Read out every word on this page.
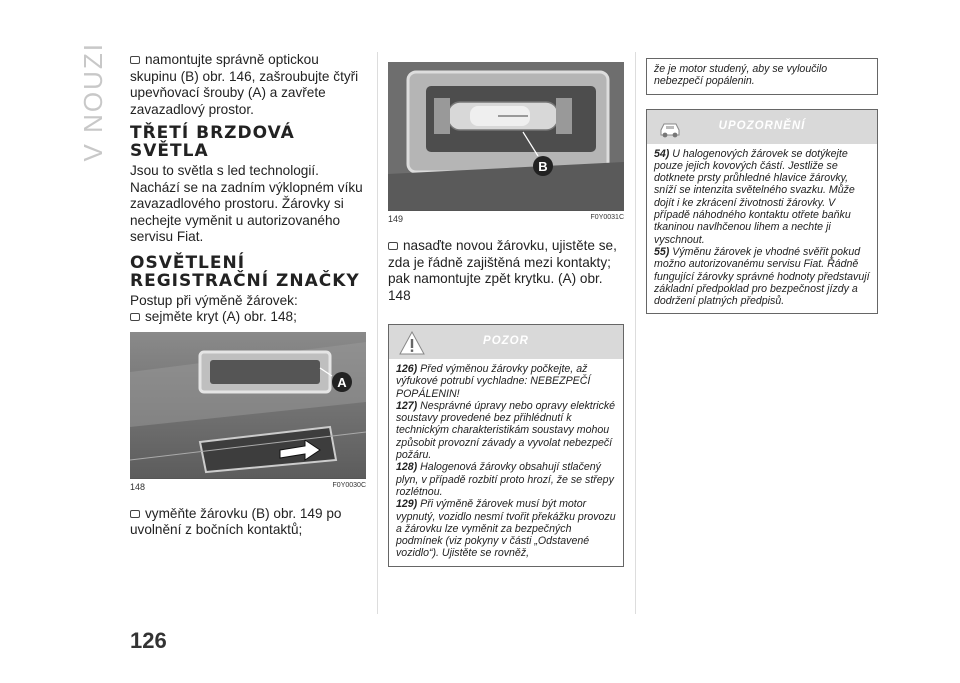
V NOUZI	namontujte správně optickou skupinu (B) obr. 146, zašroubujte čtyři upevňovací šrouby (A) a zavřete zavazadlový prostor.

TŘETÍ BRZDOVÁ SVĚTLA

Jsou to světla s led technologií. Nachází se na zadním výklopném víku zavazadlového prostoru. Žárovky si nechejte vyměnit u autorizovaného servisu Fiat.

OSVĚTLENÍ
REGISTRAČNÍ ZNAČKY

Postup při výměně žárovek:

sejměte kryt (A) obr. 148;

A
148	F0Y0030C

vyměňte žárovku (B) obr. 149 po uvolnění z bočních kontaktů;

B
149	F0Y0031C

nasaďte novou žárovku, ujistěte se, zda je řádně zajištěná mezi kontakty; pak namontujte zpět krytku. (A) obr. 148

POZOR

126) Před výměnou žárovky počkejte, až výfukové potrubí vychladne: NEBEZPEČÍ POPÁLENIN!

127) Nesprávné úpravy nebo opravy elektrické soustavy provedené bez přihlédnutí k technickým charakteristikám soustavy mohou způsobit provozní závady a vyvolat nebezpečí požáru.

128) Halogenová žárovky obsahují stlačený plyn, v případě rozbití proto hrozí, že se střepy rozlétnou.

129) Při výměně žárovek musí být motor vypnutý, vozidlo nesmí tvořit překážku provozu a žárovku lze vyměnit za bezpečných podmínek (viz pokyny v části „Odstavené vozidlo“). Ujistěte se rovněž,

že je motor studený, aby se vyloučilo nebezpečí popálenin.

UPOZORNĚNÍ

54) U halogenových žárovek se dotýkejte pouze jejich kovových částí. Jestliže se dotknete prsty průhledné hlavice žárovky, sníží se intenzita světelného svazku. Může dojít i ke zkrácení životnosti žárovky. V případě náhodného kontaktu otřete baňku tkaninou navlhčenou lihem a nechte ji vyschnout.

55) Výměnu žárovek je vhodné svěřit pokud možno autorizovanému servisu Fiat. Řádně fungující žárovky správné hodnoty představují základní předpoklad pro bezpečnost jízdy a dodržení platných předpisů.

126
